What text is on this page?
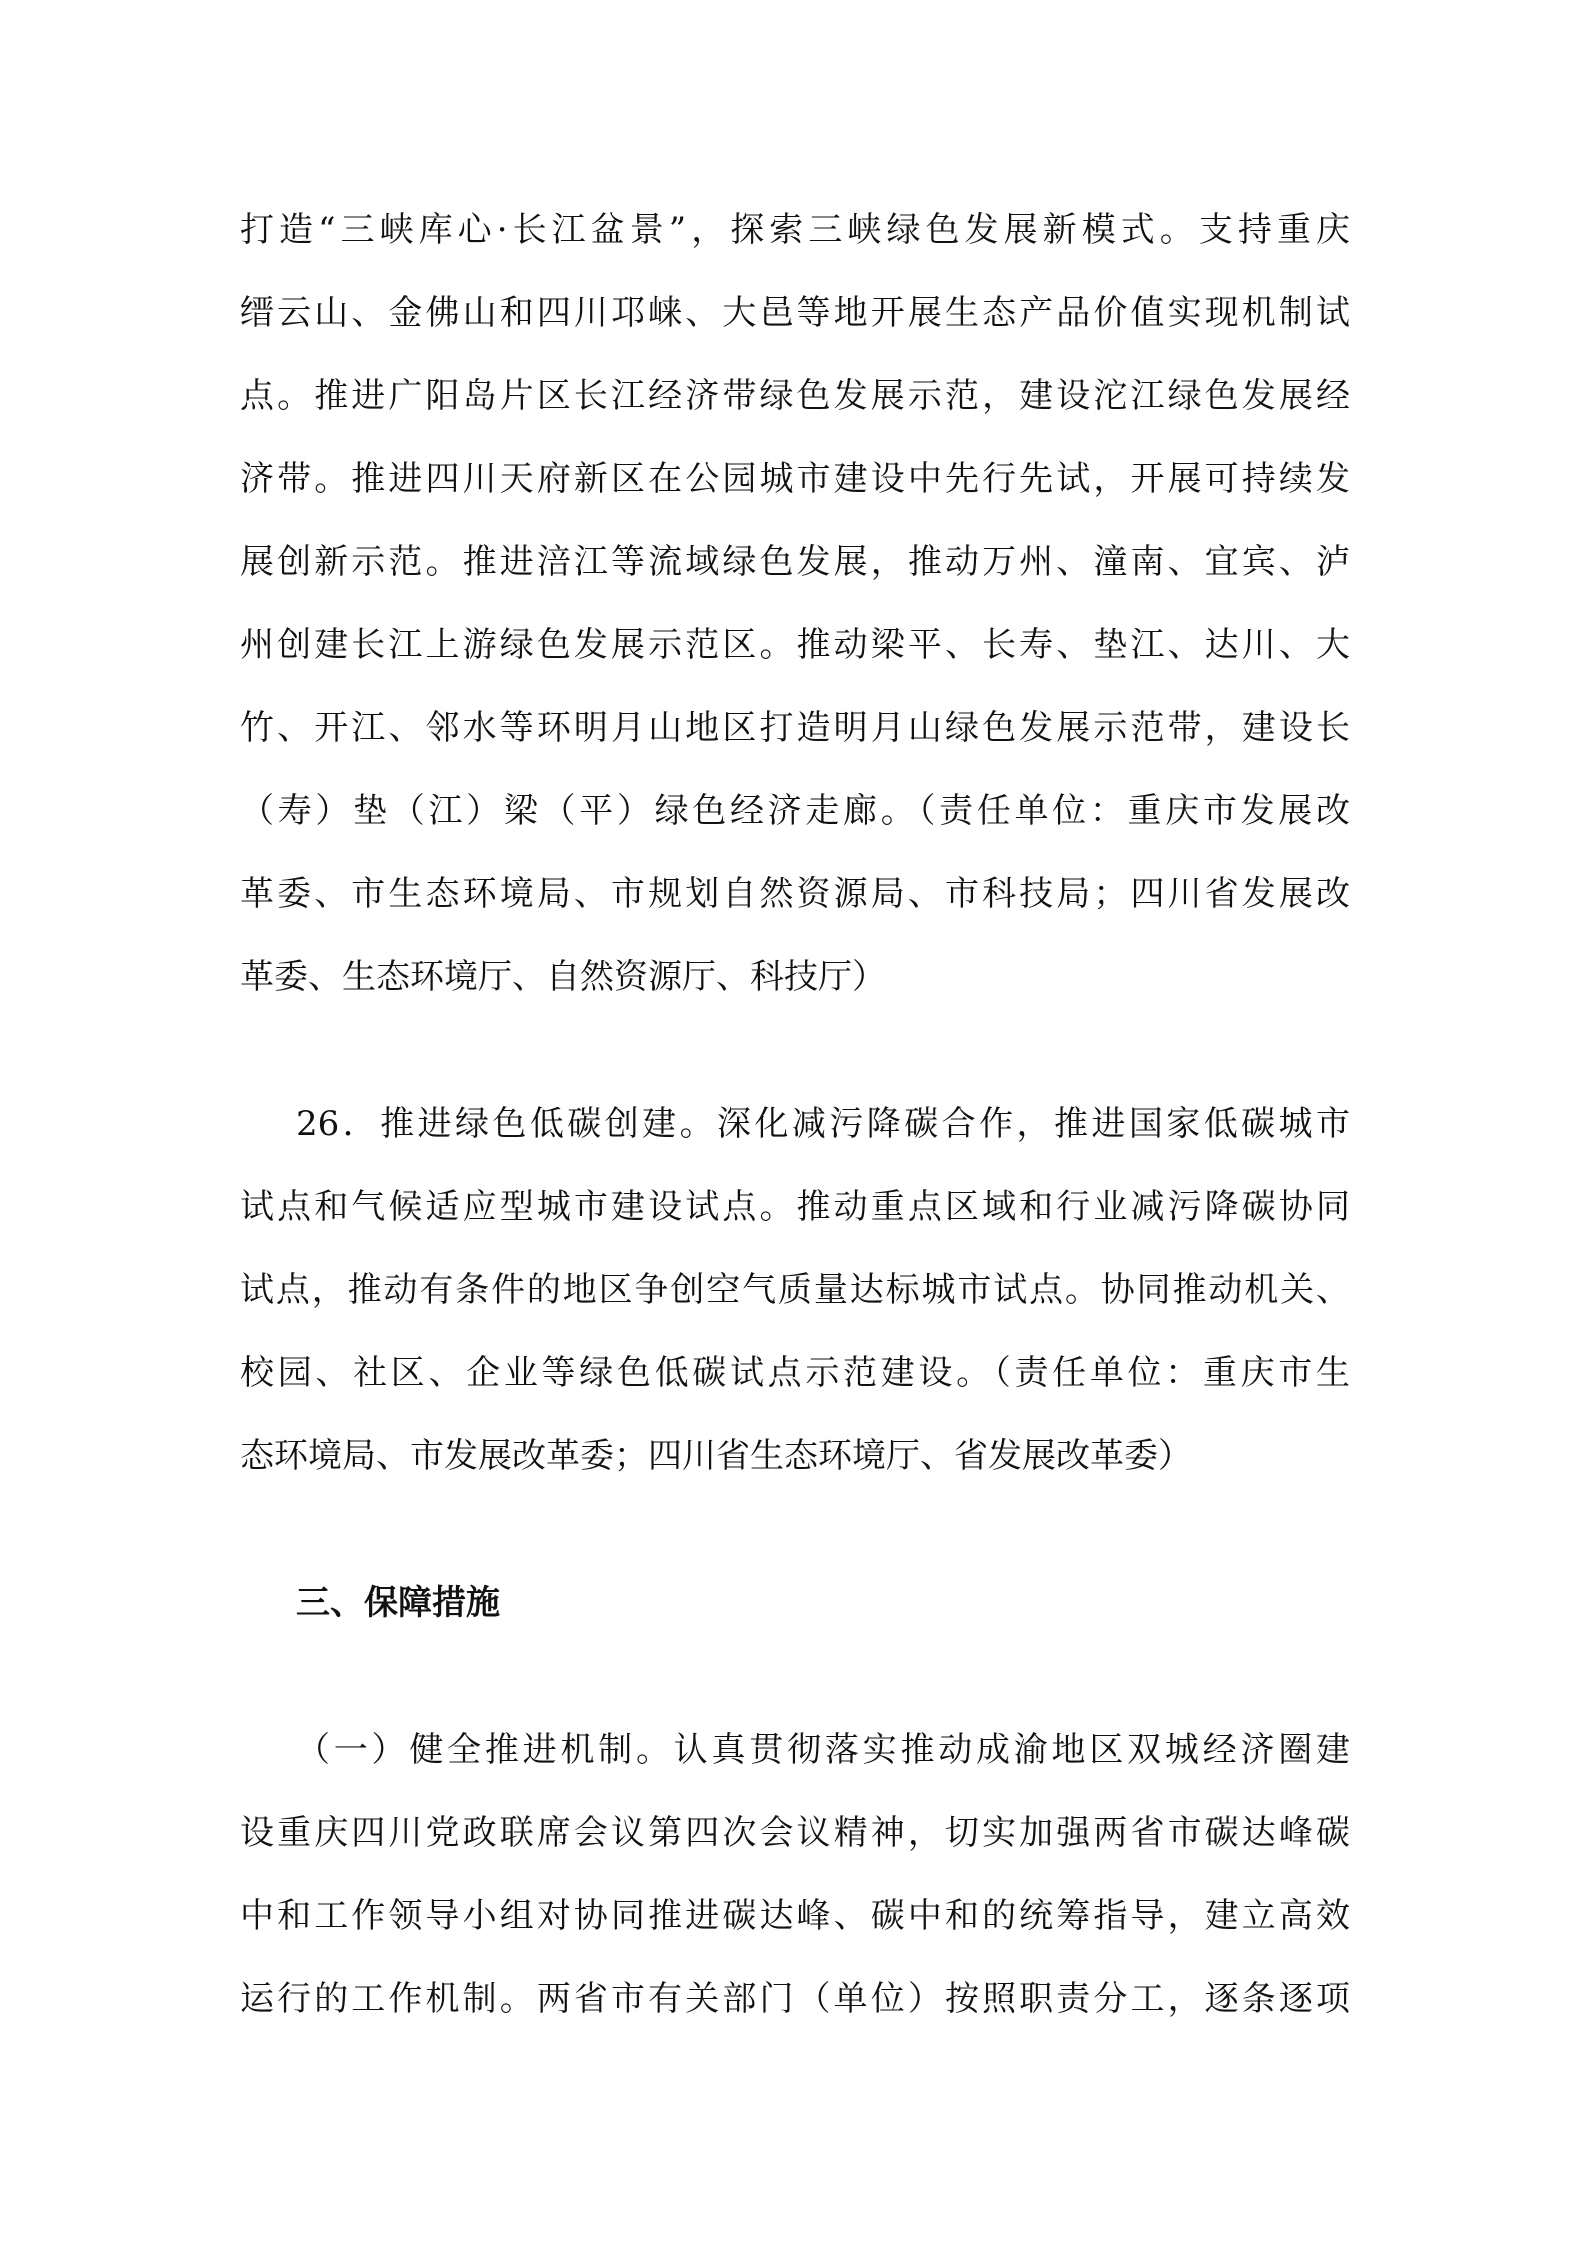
打造“三峡库心·长江盆景”，探索三峡绿色发展新模式。支持重庆
缙云山、金佛山和四川邛崃、大邑等地开展生态产品价值实现机制试
点。推进广阳岛片区长江经济带绿色发展示范，建设沱江绿色发展经
济带。推进四川天府新区在公园城市建设中先行先试，开展可持续发
展创新示范。推进涪江等流域绿色发展，推动万州、潼南、宜宾、泸
州创建长江上游绿色发展示范区。推动梁平、长寿、垫江、达川、大
竹、开江、邻水等环明月山地区打造明月山绿色发展示范带，建设长
（寿）垫（江）梁（平）绿色经济走廊。（责任单位：重庆市发展改
革委、市生态环境局、市规划自然资源局、市科技局；四川省发展改
革委、生态环境厅、自然资源厅、科技厅）
26．推进绿色低碳创建。深化减污降碳合作，推进国家低碳城市
试点和气候适应型城市建设试点。推动重点区域和行业减污降碳协同
试点，推动有条件的地区争创空气质量达标城市试点。协同推动机关、
校园、社区、企业等绿色低碳试点示范建设。（责任单位：重庆市生
态环境局、市发展改革委；四川省生态环境厅、省发展改革委）
三、保障措施
（一）健全推进机制。认真贯彻落实推动成渝地区双城经济圈建
设重庆四川党政联席会议第四次会议精神，切实加强两省市碳达峰碳
中和工作领导小组对协同推进碳达峰、碳中和的统筹指导，建立高效
运行的工作机制。两省市有关部门（单位）按照职责分工，逐条逐项
